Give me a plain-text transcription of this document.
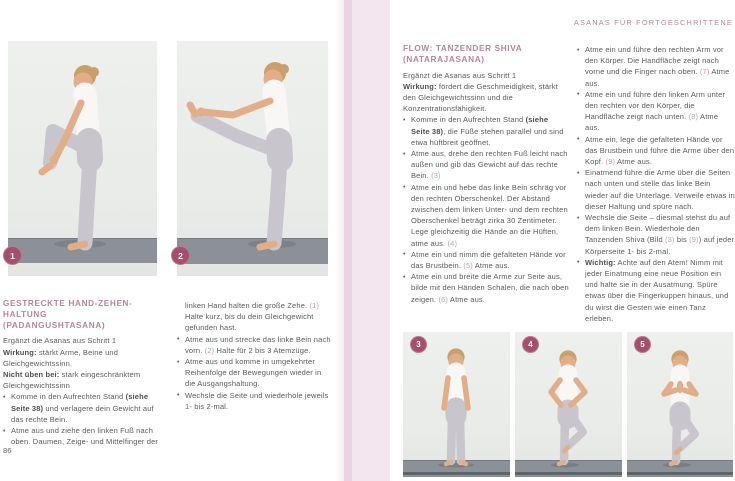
1	2
GESTRECKTE HAND-ZEHEN-HALTUNG
(PADANGUSHTASANA)
Ergänzt die Asanas aus Schritt 1

Wirkung: stärkt Arme, Beine und Gleichgewichtssinn.

Nicht üben bei: stark eingeschränktem Gleichgewichtssinn

• Komme in den Aufrechten Stand (siehe Seite 38) und verlagere dein Gewicht auf das rechte Bein.
• Atme aus und ziehe den linken Fuß nach oben. Daumen, Zeige- und Mittelfinger der

linken Hand halten die große Zehe. (1) Halte kurz, bis du dein Gleichgewicht gefunden hast.

• Atme aus und strecke das linke Bein nach vorn. (2) Halte für 2 bis 3 Atemzüge.
• Atme aus und komme in umgekehrter Reihenfolge der Bewegungen wieder in die Ausgangshaltung.
• Wechsle die Seite und wiederhole jeweils 1- bis 2-mal.
86
ASANAS FÜR FORTGESCHRITTENE
FLOW: TANZENDER SHIVA
(NATARAJASANA)
Ergänzt die Asanas aus Schritt 1

Wirkung: fördert die Geschmeidigkeit, stärkt den Gleichgewichtssinn und die Konzentrationsfähigkeit.

• Komme in den Aufrechten Stand (siehe Seite 38), die Füße stehen parallel und sind etwa hüftbreit geöffnet.
• Atme aus, drehe den rechten Fuß leicht nach außen und gib das Gewicht auf das rechte Bein. (3)
• Atme ein und hebe das linke Bein schräg vor den rechten Oberschenkel. Der Abstand zwischen dem linken Unter- und dem rechten Oberschenkel beträgt zirka 30 Zentimeter. Lege gleichzeitig die Hände an die Hüften, atme aus. (4)
• Atme ein und nimm die gefalteten Hände vor das Brustbein. (5) Atme aus.
• Atme ein und breite die Arme zur Seite aus, bilde mit den Händen Schalen, die nach oben zeigen. (6) Atme aus.
• Atme ein und führe den rechten Arm vor den Körper. Die Handfläche zeigt nach vorne und die Finger nach oben. (7) Atme aus.
• Atme ein und führe den linken Arm unter den rechten vor den Körper, die Handfläche zeigt nach unten. (8) Atme aus.
• Atme ein, lege die gefalteten Hände vor das Brustbein und führe die Arme über den Kopf. (9) Atme aus.
• Einatmend führe die Arme über die Seiten nach unten und stelle das linke Bein wieder auf die Unterlage. Verweile etwas in dieser Haltung und spüre nach.
• Wechsle die Seite – diesmal stehst du auf dem linken Bein. Wiederhole den Tanzenden Shiva (Bild (3) bis (9)) auf jeder Körperseite 1- bis 2-mal.
• Wichtig: Achte auf den Atem! Nimm mit jeder Einatmung eine neue Position ein und halte sie in der Ausatmung. Spüre etwas über die Fingerkuppen hinaus, und du wirst die Gesten wie einen Tanz erleben.
3	4	5
